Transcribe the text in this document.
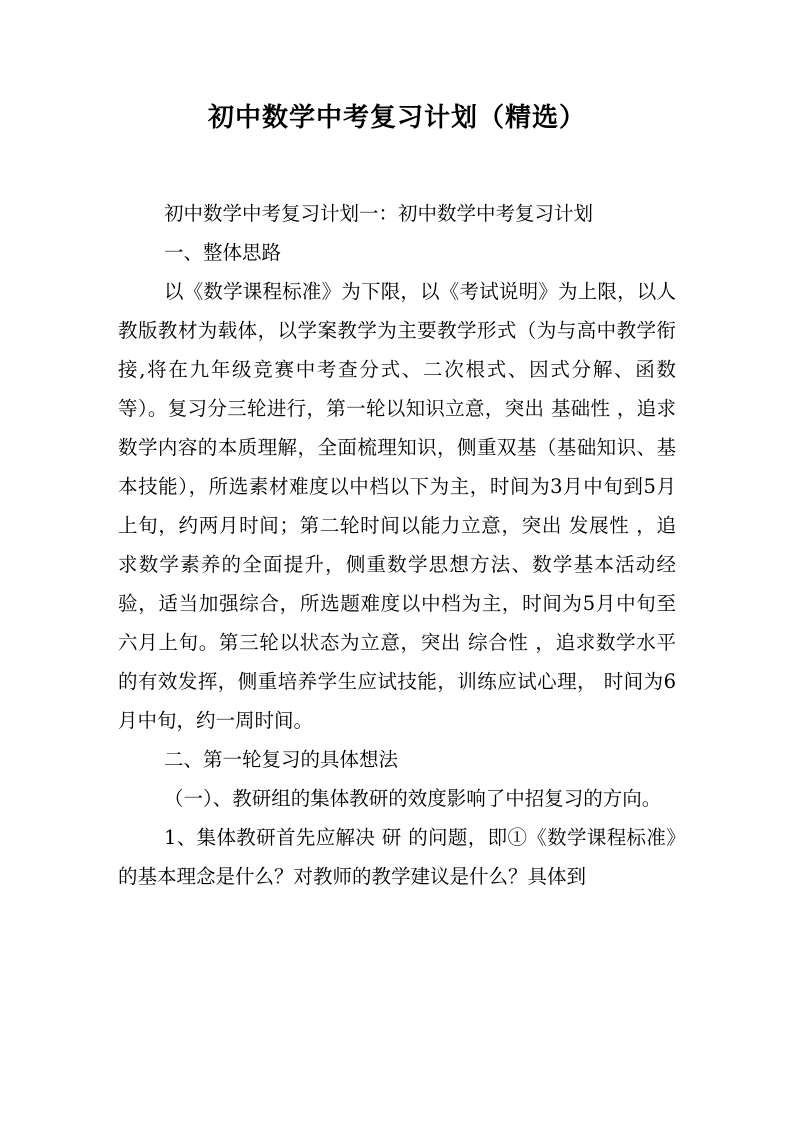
初中数学中考复习计划（精选）

初中数学中考复习计划一：初中数学中考复习计划

一、整体思路

以《数学课程标准》为下限，以《考试说明》为上限，以人教版教材为载体，以学案教学为主要教学形式（为与高中教学衔接,将在九年级竞赛中考查分式、二次根式、因式分解、函数等）。复习分三轮进行，第一轮以知识立意，突出 基础性 ，追求数学内容的本质理解，全面梳理知识，侧重双基（基础知识、基本技能），所选素材难度以中档以下为主，时间为3月中旬到5月上旬，约两月时间；第二轮时间以能力立意，突出 发展性 ，追求数学素养的全面提升，侧重数学思想方法、数学基本活动经验，适当加强综合，所选题难度以中档为主，时间为5月中旬至六月上旬。第三轮以状态为立意，突出 综合性 ，追求数学水平的有效发挥，侧重培养学生应试技能，训练应试心理， 时间为6月中旬，约一周时间。

二、第一轮复习的具体想法

（一）、教研组的集体教研的效度影响了中招复习的方向。

1、集体教研首先应解决 研 的问题，即①《数学课程标准》的基本理念是什么？对教师的教学建议是什么？具体到
